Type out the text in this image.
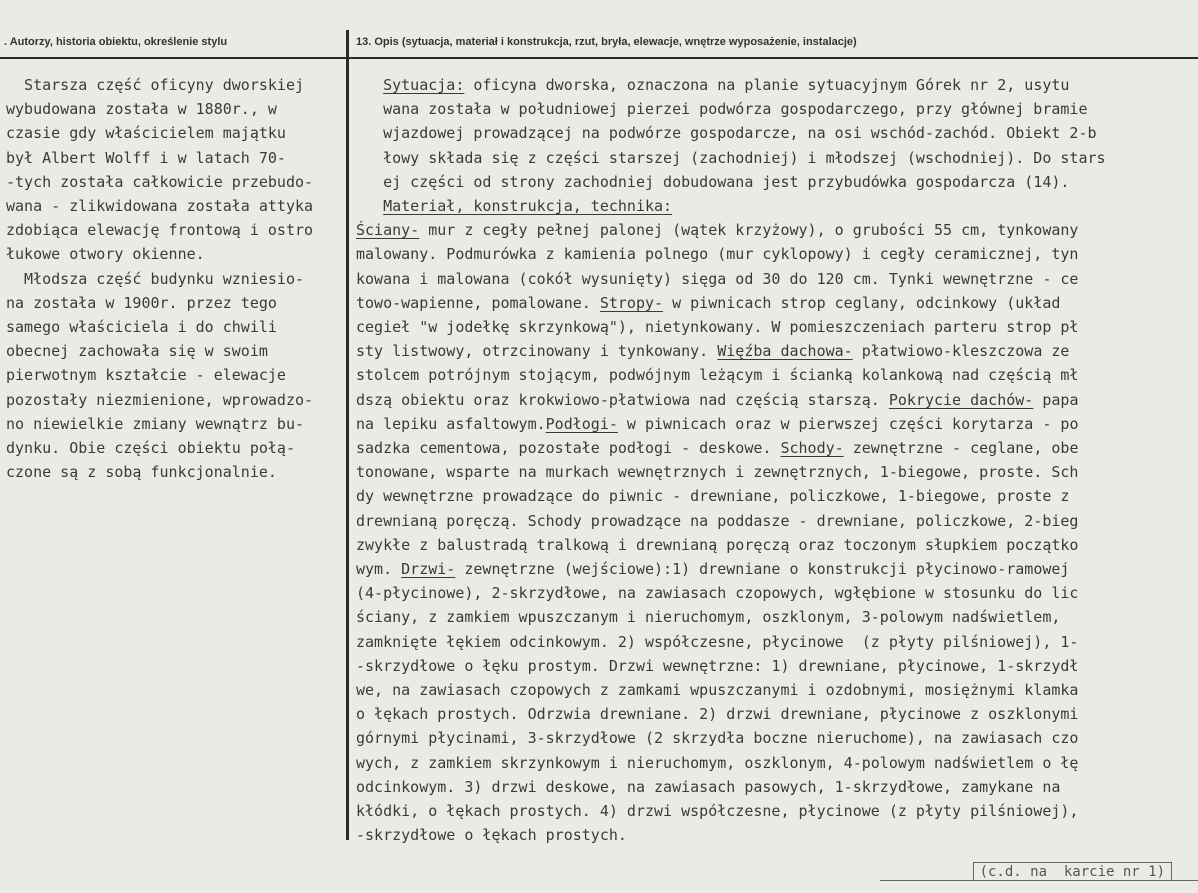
. Autorzy, historia obiektu, określenie stylu	13. Opis (sytuacja, materiał i konstrukcja, rzut, bryła, elewacje, wnętrze wyposażenie, instalacje)
Starsza część oficyny dworskiej
wybudowana została w 1880r., w
czasie gdy właścicielem majątku
był Albert Wolff i w latach 70-
-tych została całkowicie przebudo-
wana - zlikwidowana została attyka
zdobiąca elewację frontową i ostro
łukowe otwory okienne.
Młodsza część budynku wzniesio-
na została w 1900r. przez tego
samego właściciela i do chwili
obecnej zachowała się w swoim
pierwotnym kształcie - elewacje
pozostały niezmienione, wprowadzo-
no niewielkie zmiany wewnątrz bu-
dynku. Obie części obiektu połą-
czone są z sobą funkcjonalnie.
Sytuacja: oficyna dworska, oznaczona na planie sytuacyjnym Górek nr 2, usytu
wana została w południowej pierzei podwórza gospodarczego, przy głównej bramie
wjazdowej prowadzącej na podwórze gospodarcze, na osi wschód-zachód. Obiekt 2-b
łowy składa się z części starszej (zachodniej) i młodszej (wschodniej). Do stars
ej części od strony zachodniej dobudowana jest przybudówka gospodarcza (14).
Materiał, konstrukcja, technika:
Ściany- mur z cegły pełnej palonej (wątek krzyżowy), o grubości 55 cm, tynkowany
malowany. Podmurówka z kamienia polnego (mur cyklopowy) i cegły ceramicznej, tyn
kowana i malowana (cokół wysunięty) sięga od 30 do 120 cm. Tynki wewnętrzne - ce
towo-wapienne, pomalowane. Stropy- w piwnicach strop ceglany, odcinkowy (układ
cegieł "w jodełkę skrzynkową"), nietynkowany. W pomieszczeniach parteru strop pł
sty listwowy, otrzcinowany i tynkowany. Więźba dachowa- płatwiowo-kleszczowa ze
stolcem potrójnym stojącym, podwójnym leżącym i ścianką kolankową nad częścią mł
dszą obiektu oraz krokwiowo-płatwiowa nad częścią starszą. Pokrycie dachów- papa
na lepiku asfaltowym.Podłogi- w piwnicach oraz w pierwszej części korytarza - po
sadzka cementowa, pozostałe podłogi - deskowe. Schody- zewnętrzne - ceglane, obe
tonowane, wsparte na murkach wewnętrznych i zewnętrznych, 1-biegowe, proste. Sch
dy wewnętrzne prowadzące do piwnic - drewniane, policzkowe, 1-biegowe, proste z
drewnianą poręczą. Schody prowadzące na poddasze - drewniane, policzkowe, 2-bieg
zwykłe z balustradą tralkową i drewnianą poręczą oraz toczonym słupkiem początko
wym. Drzwi- zewnętrzne (wejściowe):1) drewniane o konstrukcji płycinowo-ramowej
(4-płycinowe), 2-skrzydłowe, na zawiasach czopowych, wgłębione w stosunku do lic
ściany, z zamkiem wpuszczanym i nieruchomym, oszklonym, 3-polowym nadświetlem,
zamknięte łękiem odcinkowym. 2) współczesne, płycinowe  (z płyty pilśniowej), 1-
-skrzydłowe o łęku prostym. Drzwi wewnętrzne: 1) drewniane, płycinowe, 1-skrzydł
we, na zawiasach czopowych z zamkami wpuszczanymi i ozdobnymi, mosiężnymi klamka
o łękach prostych. Odrzwia drewniane. 2) drzwi drewniane, płycinowe z oszklonymi
górnymi płycinami, 3-skrzydłowe (2 skrzydła boczne nieruchome), na zawiasach czo
wych, z zamkiem skrzynkowym i nieruchomym, oszklonym, 4-polowym nadświetlem o łę
odcinkowym. 3) drzwi deskowe, na zawiasach pasowych, 1-skrzydłowe, zamykane na
kłódki, o łękach prostych. 4) drzwi współczesne, płycinowe (z płyty pilśniowej),
-skrzydłowe o łękach prostych.
(c.d. na  karcie nr 1)
